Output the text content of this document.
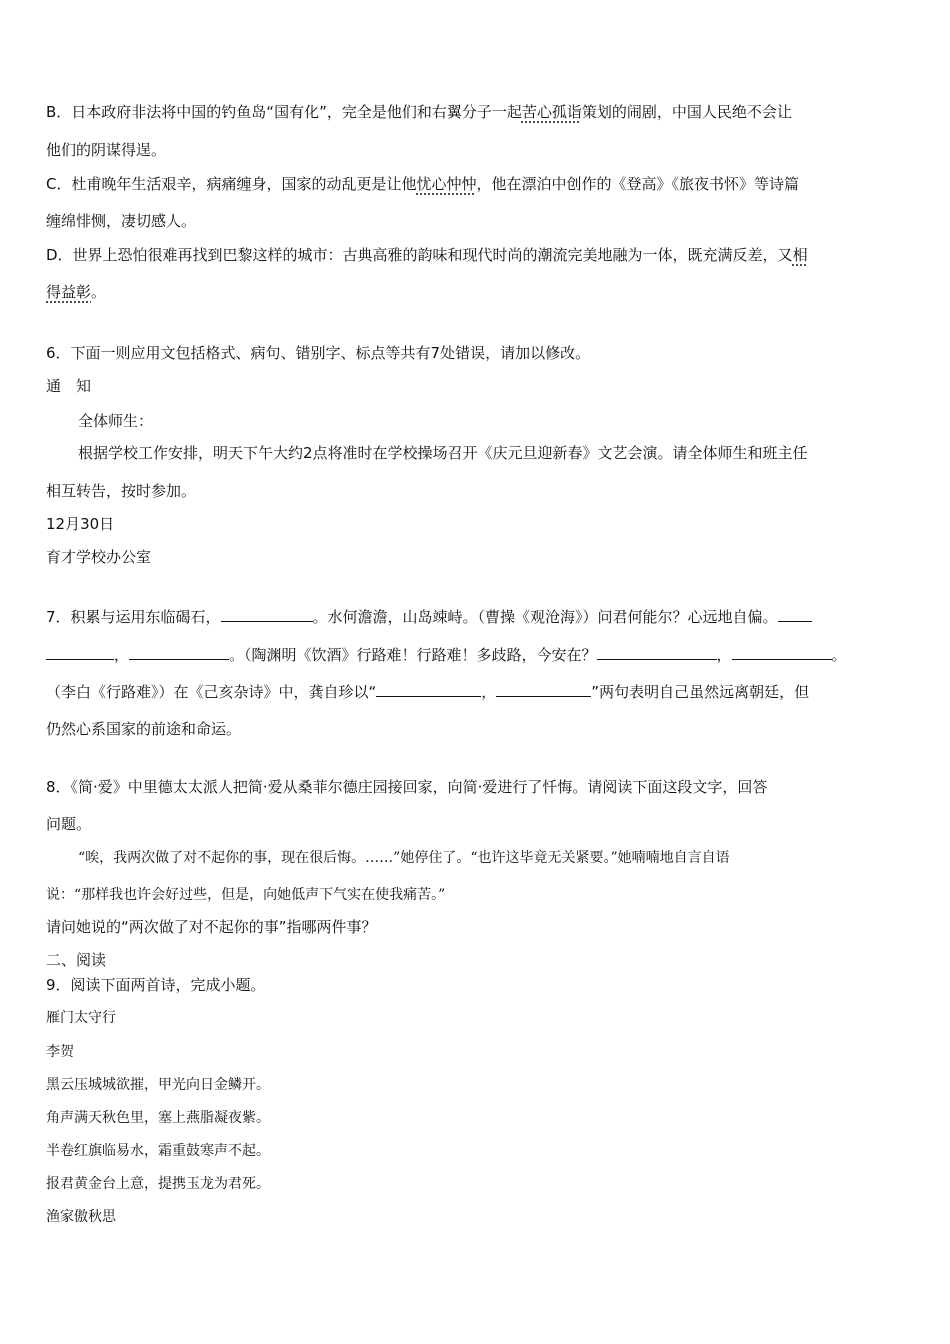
B．日本政府非法将中国的钓鱼岛“国有化”，完全是他们和右翼分子一起苦心孤诣策划的闹剧，中国人民绝不会让
他们的阴谋得逞。
C．杜甫晚年生活艰辛，病痛缠身，国家的动乱更是让他忧心忡忡，他在漂泊中创作的《登高》《旅夜书怀》等诗篇
缠绵悱恻，凄切感人。
D．世界上恐怕很难再找到巴黎这样的城市：古典高雅的韵味和现代时尚的潮流完美地融为一体，既充满反差，又相
得益彰。
6．下面一则应用文包括格式、病句、错别字、标点等共有7处错误，请加以修改。
通　知
全体师生：
根据学校工作安排，明天下午大约2点将准时在学校操场召开《庆元旦迎新春》文艺会演。请全体师生和班主任
相互转告，按时参加。
12月30日
育才学校办公室
7．积累与运用东临碣石，	。水何澹澹，山岛竦峙。（曹操《观沧海》）问君何能尔？心远地自偏。
，	。（陶渊明《饮酒》行路难！行路难！多歧路，今安在？	，	。
（李白《行路难》）在《己亥杂诗》中，龚自珍以“	，	”两句表明自己虽然远离朝廷，但
仍然心系国家的前途和命运。
8．《简·爱》中里德太太派人把简·爱从桑菲尔德庄园接回家，向简·爱进行了忏悔。请阅读下面这段文字，回答
问题。
“唉，我两次做了对不起你的事，现在很后悔。……”她停住了。“也许这毕竟无关紧要。”她喃喃地自言自语
说：“那样我也许会好过些，但是，向她低声下气实在使我痛苦。”
请问她说的“两次做了对不起你的事”指哪两件事？
二、阅读
9．阅读下面两首诗，完成小题。
雁门太守行
李贺
黑云压城城欲摧，甲光向日金鳞开。
角声满天秋色里，塞上燕脂凝夜紫。
半卷红旗临易水，霜重鼓寒声不起。
报君黄金台上意，提携玉龙为君死。
渔家傲秋思
